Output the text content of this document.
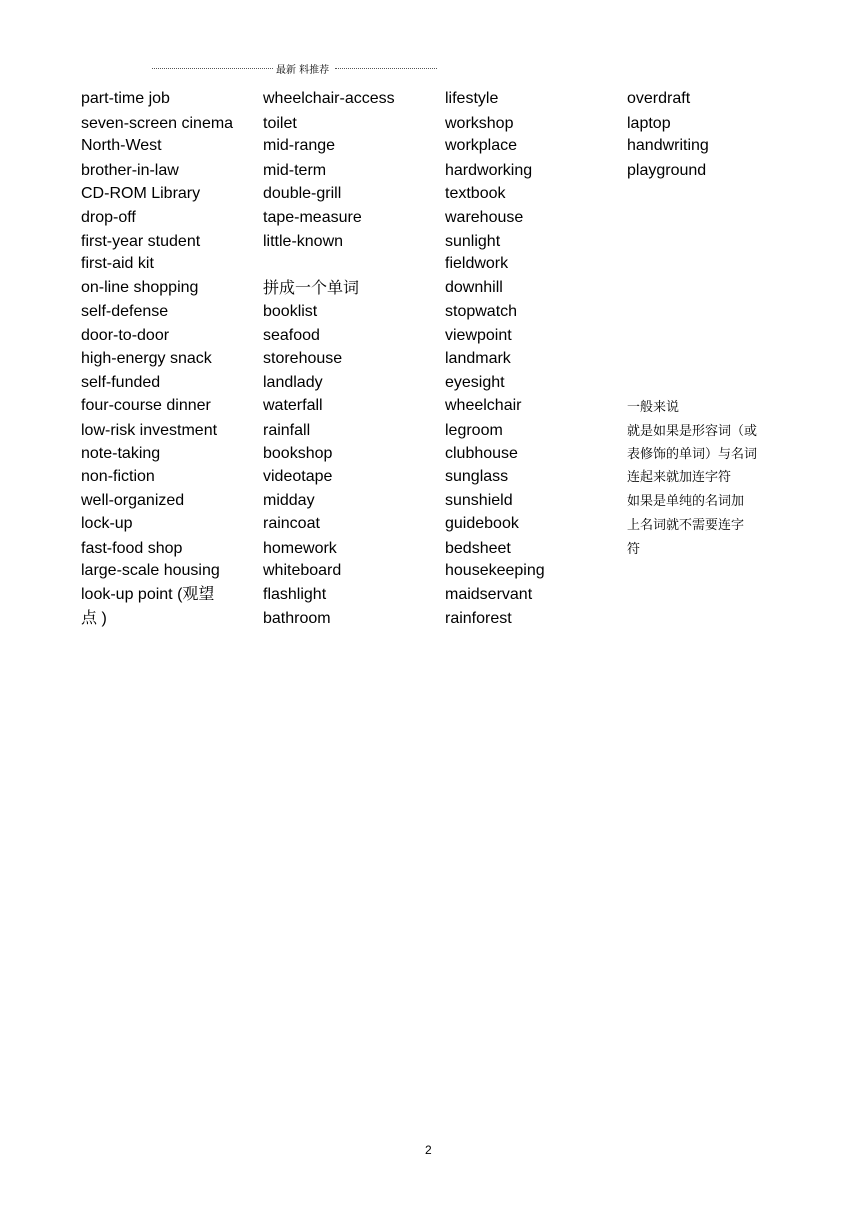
最新 料推荐
part-time job
seven-screen cinema
North-West
brother-in-law
CD-ROM Library
drop-off
first-year student
first-aid kit
on-line shopping
self-defense
door-to-door
high-energy snack
self-funded
four-course dinner
low-risk investment
note-taking
non-fiction
well-organized
lock-up
fast-food shop
large-scale housing
look-up point (观望
点 )
wheelchair-access
toilet
mid-range
mid-term
double-grill
tape-measure
little-known
拼成一个单词
booklist
seafood
storehouse
landlady
waterfall
rainfall
bookshop
videotape
midday
raincoat
homework
whiteboard
flashlight
bathroom
lifestyle
workshop
workplace
hardworking
textbook
warehouse
sunlight
fieldwork
downhill
stopwatch
viewpoint
landmark
eyesight
wheelchair
legroom
clubhouse
sunglass
sunshield
guidebook
bedsheet
housekeeping
maidservant
rainforest
overdraft
laptop
handwriting
playground
一般来说
就是如果是形容词（或
表修饰的单词）与名词
连起来就加连字符
如果是单纯的名词加
上名词就不需要连字
符
2
